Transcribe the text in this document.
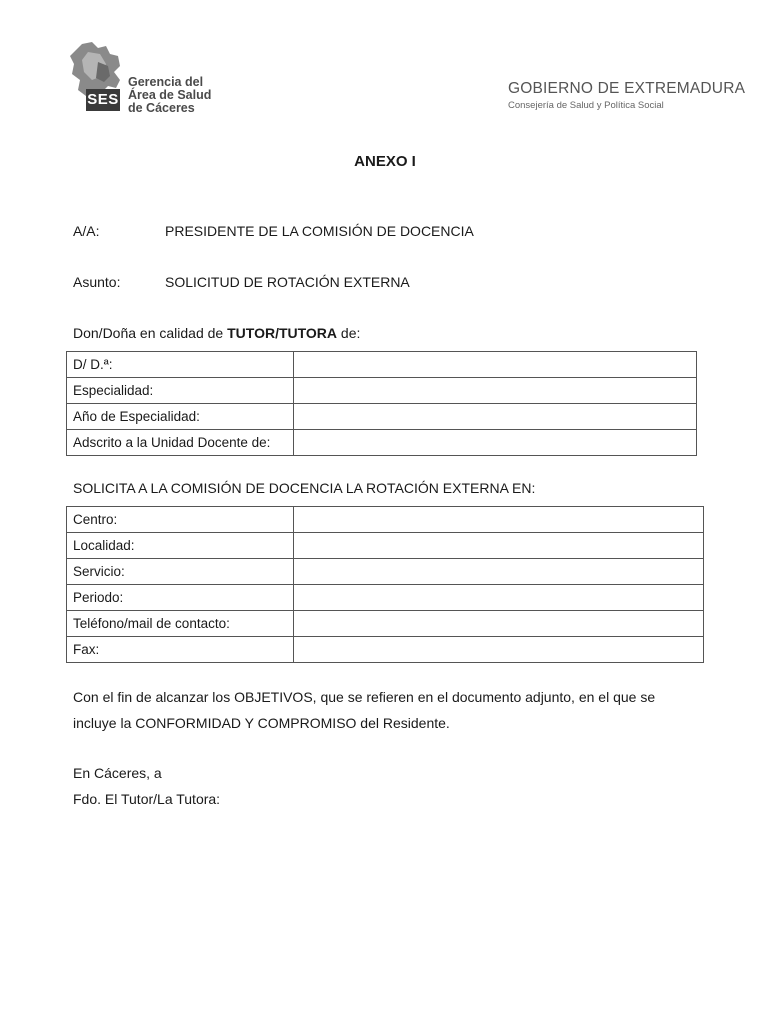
SES
Gerencia del
Área de Salud
de Cáceres
GOBIERNO DE EXTREMADURA
Consejería de Salud y Política Social
ANEXO I
A/A:	PRESIDENTE DE LA COMISIÓN DE DOCENCIA
Asunto:	SOLICITUD DE ROTACIÓN EXTERNA
Don/Doña en calidad de TUTOR/TUTORA de:
D/ D.ª:	
Especialidad:	
Año de Especialidad:	
Adscrito a la Unidad Docente de:	
SOLICITA A LA COMISIÓN DE DOCENCIA LA ROTACIÓN EXTERNA EN:
Centro:	
Localidad:	
Servicio:	
Periodo:	
Teléfono/mail de contacto:	
Fax:	
Con el fin de alcanzar los OBJETIVOS, que se refieren en el documento adjunto, en el que se
incluye la CONFORMIDAD Y COMPROMISO del Residente.
En Cáceres, a
Fdo. El Tutor/La Tutora:
